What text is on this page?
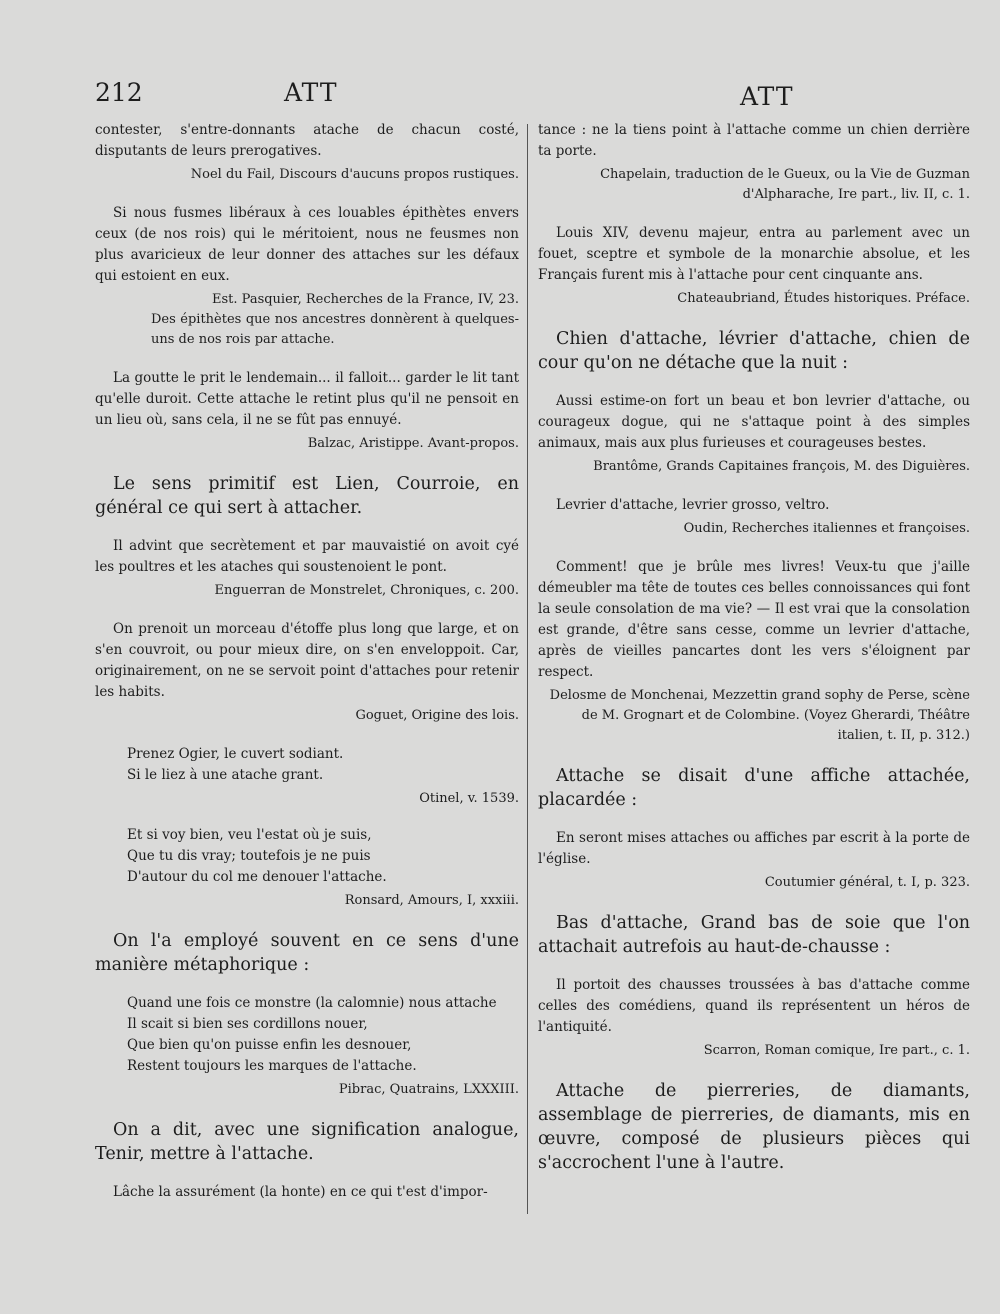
212	ATT	ATT

contester, s'entre-donnants atache de chacun costé, disputants de leurs prerogatives.

Noel du Fail, Discours d'aucuns propos rustiques.

Si nous fusmes libéraux à ces louables épithètes envers ceux (de nos rois) qui le méritoient, nous ne feusmes non plus avaricieux de leur donner des attaches sur les défaux qui estoient en eux.

Est. Pasquier, Recherches de la France, IV, 23.

Des épithètes que nos ancestres donnèrent à quelques-uns de nos rois par attache.

La goutte le prit le lendemain... il falloit... garder le lit tant qu'elle duroit. Cette attache le retint plus qu'il ne pensoit en un lieu où, sans cela, il ne se fût pas ennuyé.

Balzac, Aristippe. Avant-propos.

Le sens primitif est Lien, Courroie, en général ce qui sert à attacher.

Il advint que secrètement et par mauvaistié on avoit cyé les poultres et les ataches qui soustenoient le pont.

Enguerran de Monstrelet, Chroniques, c. 200.

On prenoit un morceau d'étoffe plus long que large, et on s'en couvroit, ou pour mieux dire, on s'en enveloppoit. Car, originairement, on ne se servoit point d'attaches pour retenir les habits.

Goguet, Origine des lois.

Prenez Ogier, le cuvert sodiant.
Si le liez à une atache grant.

Otinel, v. 1539.

Et si voy bien, veu l'estat où je suis,
Que tu dis vray; toutefois je ne puis
D'autour du col me denouer l'attache.

Ronsard, Amours, I, xxxiii.

On l'a employé souvent en ce sens d'une manière métaphorique :

Quand une fois ce monstre (la calomnie) nous attache
Il scait si bien ses cordillons nouer,
Que bien qu'on puisse enfin les desnouer,
Restent toujours les marques de l'attache.

Pibrac, Quatrains, LXXXIII.

On a dit, avec une signification analogue, Tenir, mettre à l'attache.

Lâche la assurément (la honte) en ce qui t'est d'impor-

tance : ne la tiens point à l'attache comme un chien derrière ta porte.

Chapelain, traduction de le Gueux, ou la Vie de Guzman d'Alpharache, Ire part., liv. II, c. 1.

Louis XIV, devenu majeur, entra au parlement avec un fouet, sceptre et symbole de la monarchie absolue, et les Français furent mis à l'attache pour cent cinquante ans.

Chateaubriand, Études historiques. Préface.

Chien d'attache, lévrier d'attache, chien de cour qu'on ne détache que la nuit :

Aussi estime-on fort un beau et bon levrier d'attache, ou courageux dogue, qui ne s'attaque point à des simples animaux, mais aux plus furieuses et courageuses bestes.

Brantôme, Grands Capitaines françois, M. des Diguières.

Levrier d'attache, levrier grosso, veltro.

Oudin, Recherches italiennes et françoises.

Comment! que je brûle mes livres! Veux-tu que j'aille démeubler ma tête de toutes ces belles connoissances qui font la seule consolation de ma vie? — Il est vrai que la consolation est grande, d'être sans cesse, comme un levrier d'attache, après de vieilles pancartes dont les vers s'éloignent par respect.

Delosme de Monchenai, Mezzettin grand sophy de Perse, scène de M. Grognart et de Colombine. (Voyez Gherardi, Théâtre italien, t. II, p. 312.)

Attache se disait d'une affiche attachée, placardée :

En seront mises attaches ou affiches par escrit à la porte de l'église.

Coutumier général, t. I, p. 323.

Bas d'attache, Grand bas de soie que l'on attachait autrefois au haut-de-chausse :

Il portoit des chausses troussées à bas d'attache comme celles des comédiens, quand ils représentent un héros de l'antiquité.

Scarron, Roman comique, Ire part., c. 1.

Attache de pierreries, de diamants, assemblage de pierreries, de diamants, mis en œuvre, composé de plusieurs pièces qui s'accrochent l'une à l'autre.
